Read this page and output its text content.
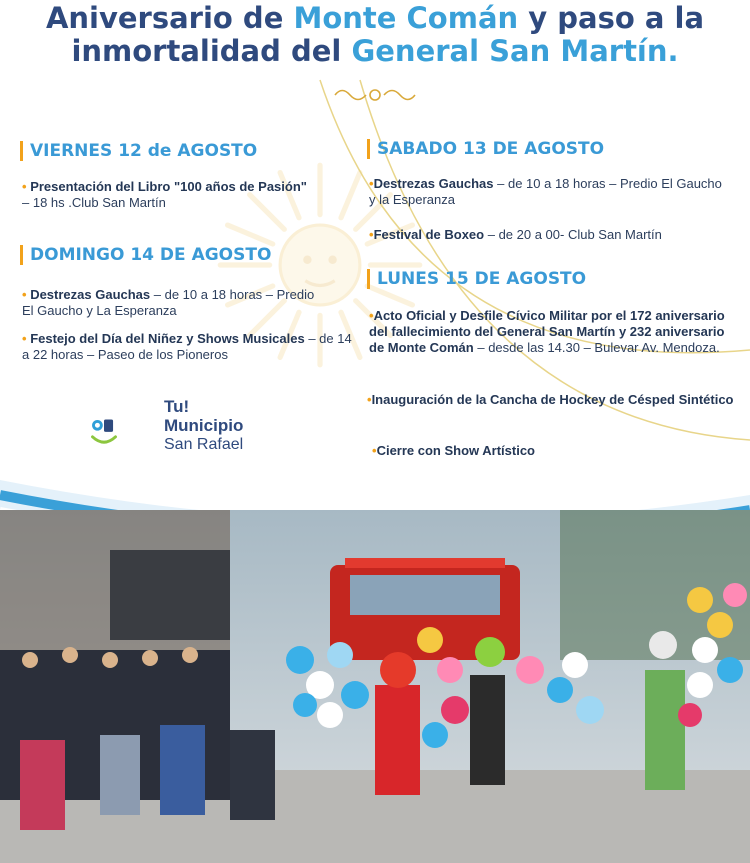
Aniversario de Monte Comán y paso a la
inmortalidad del General San Martín.
VIERNES 12 de AGOSTO
• Presentación del Libro "100 años de Pasión" – 18 hs .Club San Martín
SABADO 13 DE AGOSTO
•Destrezas Gauchas – de 10 a 18 horas – Predio El Gaucho y la Esperanza
•Festival de Boxeo – de 20 a 00- Club San Martín
DOMINGO 14 DE AGOSTO
• Destrezas Gauchas – de 10 a 18 horas – Predio El Gaucho y La Esperanza
• Festejo del Día del Niñez y Shows Musicales – de 14 a 22 horas – Paseo de los Pioneros
LUNES 15 DE AGOSTO
•Acto Oficial y Desfile Cívico Militar por el 172 aniversario del fallecimiento del General San Martín y 232 aniversario de Monte Comán – desde las 14.30 – Bulevar Av. Mendoza.
•Inauguración de la Cancha de Hockey de Césped Sintético
•Cierre con Show Artístico
Tu!
Municipio
San Rafael
